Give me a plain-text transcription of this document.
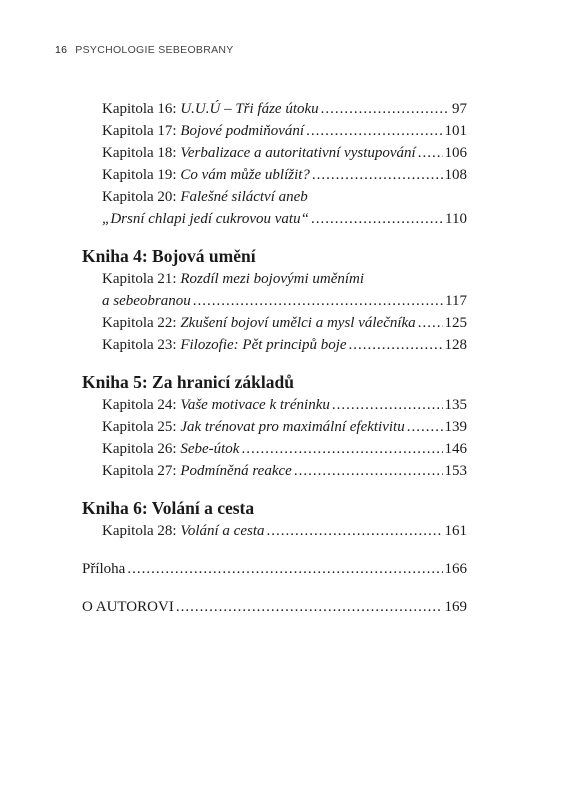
16 PSYCHOLOGIE SEBEOBRANY
Kapitola 16: U.U.Ú – Tři fáze útoku .....	97
Kapitola 17: Bojové podmiňování .....	101
Kapitola 18: Verbalizace a autoritativní vystupování ..... 106
Kapitola 19: Co vám může ublížit? .....	108
Kapitola 20: Falešné siláctví aneb
„Drsní chlapi jedí cukrovou vatu“ .....	110
Kniha 4: Bojová umění
Kapitola 21: Rozdíl mezi bojovými uměními
a sebeobranou .....	117
Kapitola 22: Zkušení bojoví umělci a mysl válečníka ..... 125
Kapitola 23: Filozofie: Pět principů boje .....	128
Kniha 5: Za hranicí základů
Kapitola 24: Vaše motivace k tréninku .....	135
Kapitola 25: Jak trénovat pro maximální efektivitu .....	139
Kapitola 26: Sebe-útok .....	146
Kapitola 27: Podmíněná reakce .....	153
Kniha 6: Volání a cesta
Kapitola 28: Volání a cesta .....	161
Příloha .....	166
O AUTOROVI .....	169
